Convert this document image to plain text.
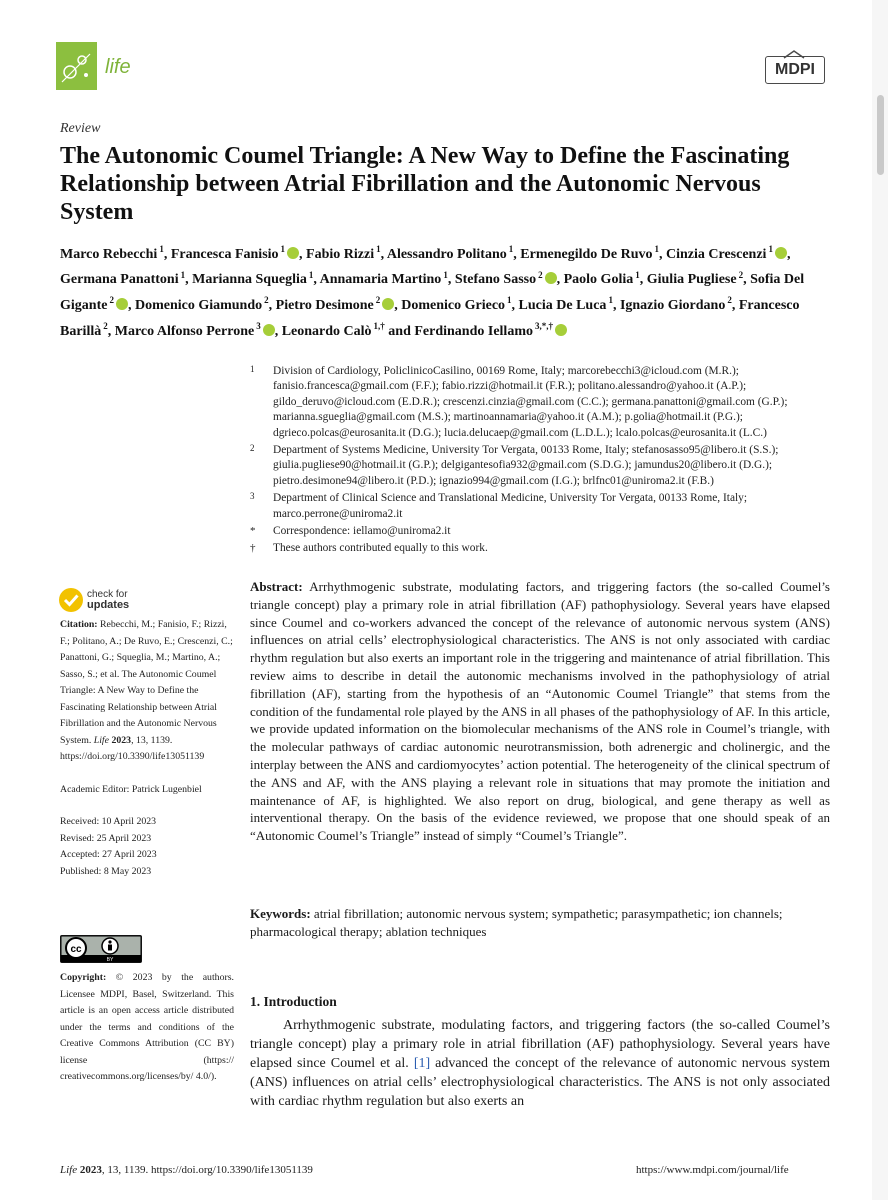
life	MDPI
Review
The Autonomic Coumel Triangle: A New Way to Define the Fascinating Relationship between Atrial Fibrillation and the Autonomic Nervous System
Marco Rebecchi $^1$, Francesca Fanisio $^1$ , Fabio Rizzi $^1$, Alessandro Politano $^1$, Ermenegildo De Ruvo $^1$, Cinzia Crescenzi $^1$ , Germana Panattoni $^1$, Marianna Squeglia $^1$, Annamaria Martino $^1$, Stefano Sasso $^2$ , Paolo Golia $^1$, Giulia Pugliese $^2$, Sofia Del Gigante $^2$ , Domenico Giamundo $^2$, Pietro Desimone $^2$ , Domenico Grieco $^1$, Lucia De Luca $^1$, Ignazio Giordano $^2$, Francesco Barillà $^2$, Marco Alfonso Perrone $^3$ , Leonardo Calò $^{1,\dagger}$ and Ferdinando Iellamo $^{3,*,\dagger}$
1 Division of Cardiology, PoliclinicoCasilino, 00169 Rome, Italy; marcorebecchi3@icloud.com (M.R.); fanisio.francesca@gmail.com (F.F.); fabio.rizzi@hotmail.it (F.R.); politano.alessandro@yahoo.it (A.P.); gildo_deruvo@icloud.com (E.D.R.); crescenzi.cinzia@gmail.com (C.C.); germana.panattoni@gmail.com (G.P.); marianna.sgueglia@gmail.com (M.S.); martinoannamaria@yahoo.it (A.M.); p.golia@hotmail.it (P.G.); dgrieco.polcas@eurosanita.it (D.G.); lucia.delucaep@gmail.com (L.D.L.); lcalo.polcas@eurosanita.it (L.C.)
2 Department of Systems Medicine, University Tor Vergata, 00133 Rome, Italy; stefanosasso95@libero.it (S.S.); giulia.pugliese90@hotmail.it (G.P.); delgigantesofia932@gmail.com (S.D.G.); jamundus20@libero.it (D.G.); pietro.desimone94@libero.it (P.D.); ignazio994@gmail.com (I.G.); brlfnc01@uniroma2.it (F.B.)
3 Department of Clinical Science and Translational Medicine, University Tor Vergata, 00133 Rome, Italy; marco.perrone@uniroma2.it
* Correspondence: iellamo@uniroma2.it
† These authors contributed equally to this work.
check for
updates

Citation: Rebecchi, M.; Fanisio, F.; Rizzi, F.; Politano, A.; De Ruvo, E.; Crescenzi, C.; Panattoni, G.; Squeglia, M.; Martino, A.; Sasso, S.; et al. The Autonomic Coumel Triangle: A New Way to Define the Fascinating Relationship between Atrial Fibrillation and the Autonomic Nervous System. Life 2023, 13, 1139. https://doi.org/10.3390/life13051139

Academic Editor: Patrick Lugenbiel

Received: 10 April 2023

Revised: 25 April 2023

Accepted: 27 April 2023

Published: 8 May 2023

cc
BY
Copyright: © 2023 by the authors. Licensee MDPI, Basel, Switzerland. This article is an open access article distributed under the terms and conditions of the Creative Commons Attribution (CC BY) license (https:// creativecommons.org/licenses/by/ 4.0/).
Abstract: Arrhythmogenic substrate, modulating factors, and triggering factors (the so-called Coumel’s triangle concept) play a primary role in atrial fibrillation (AF) pathophysiology. Several years have elapsed since Coumel and co-workers advanced the concept of the relevance of autonomic nervous system (ANS) influences on atrial cells’ electrophysiological characteristics. The ANS is not only associated with cardiac rhythm regulation but also exerts an important role in the triggering and maintenance of atrial fibrillation. This review aims to describe in detail the autonomic mechanisms involved in the pathophysiology of atrial fibrillation (AF), starting from the hypothesis of an “Autonomic Coumel Triangle” that stems from the condition of the fundamental role played by the ANS in all phases of the pathophysiology of AF. In this article, we provide updated information on the biomolecular mechanisms of the ANS role in Coumel’s triangle, with the molecular pathways of cardiac autonomic neurotransmission, both adrenergic and cholinergic, and the interplay between the ANS and cardiomyocytes’ action potential. The heterogeneity of the clinical spectrum of the ANS and AF, with the ANS playing a relevant role in situations that may promote the initiation and maintenance of AF, is highlighted. We also report on drug, biological, and gene therapy as well as interventional therapy. On the basis of the evidence reviewed, we propose that one should speak of an “Autonomic Coumel’s Triangle” instead of simply “Coumel’s Triangle”.
Keywords: atrial fibrillation; autonomic nervous system; sympathetic; parasympathetic; ion channels; pharmacological therapy; ablation techniques
1. Introduction
Arrhythmogenic substrate, modulating factors, and triggering factors (the so-called Coumel’s triangle concept) play a primary role in atrial fibrillation (AF) pathophysiology. Several years have elapsed since Coumel et al. [1] advanced the concept of the relevance of autonomic nervous system (ANS) influences on atrial cells’ electrophysiological characteristics. The ANS is not only associated with cardiac rhythm regulation but also exerts an
Life 2023, 13, 1139. https://doi.org/10.3390/life13051139	https://www.mdpi.com/journal/life
